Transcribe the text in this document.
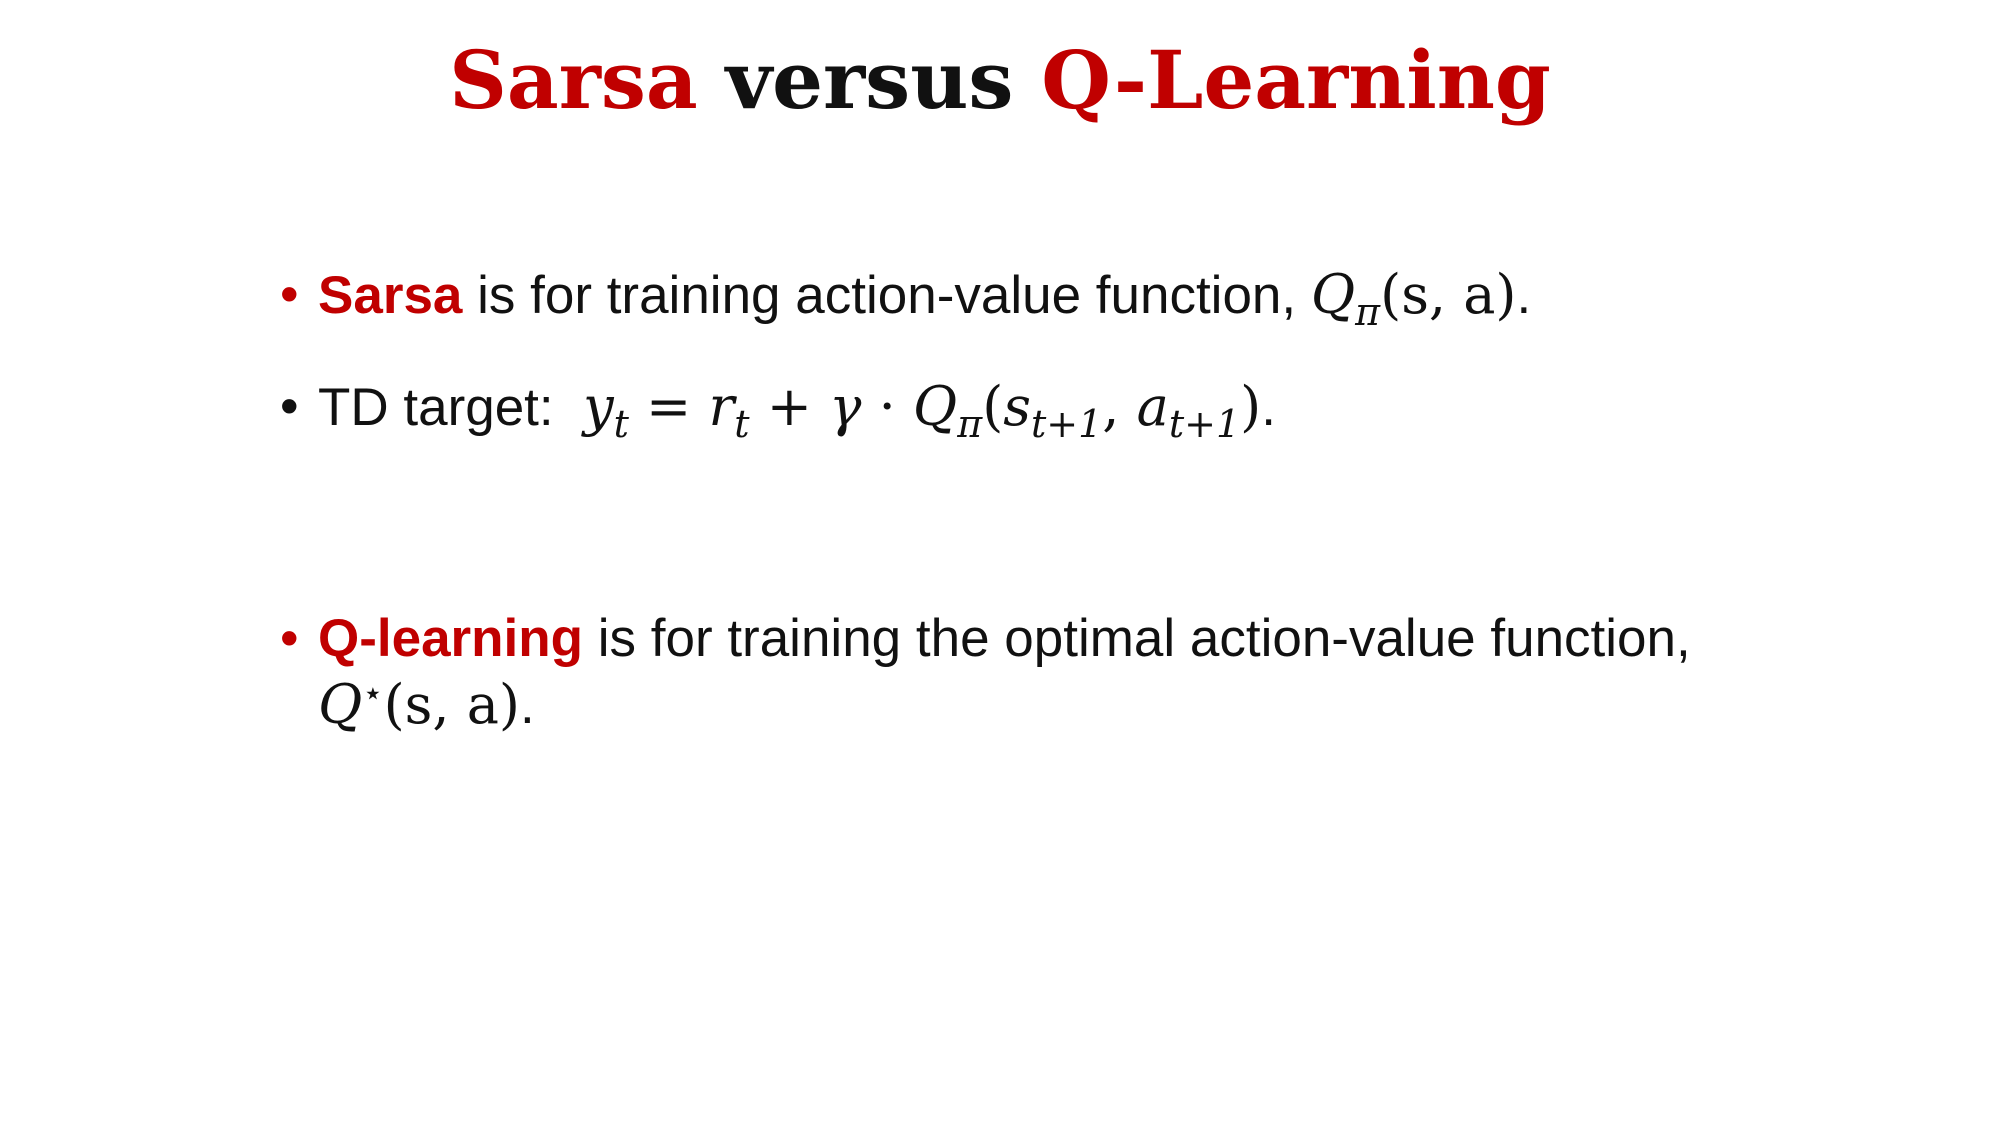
Sarsa versus Q-Learning
• Sarsa is for training action-value function, $Q_\pi(s$, a).
• TD target:  $y_t = r_t + \gamma \cdot Q_\pi(s_{t+1}$, $a_{t+1}$).
• Q-learning is for training the optimal action-value function,
Q⋆(s, a).
